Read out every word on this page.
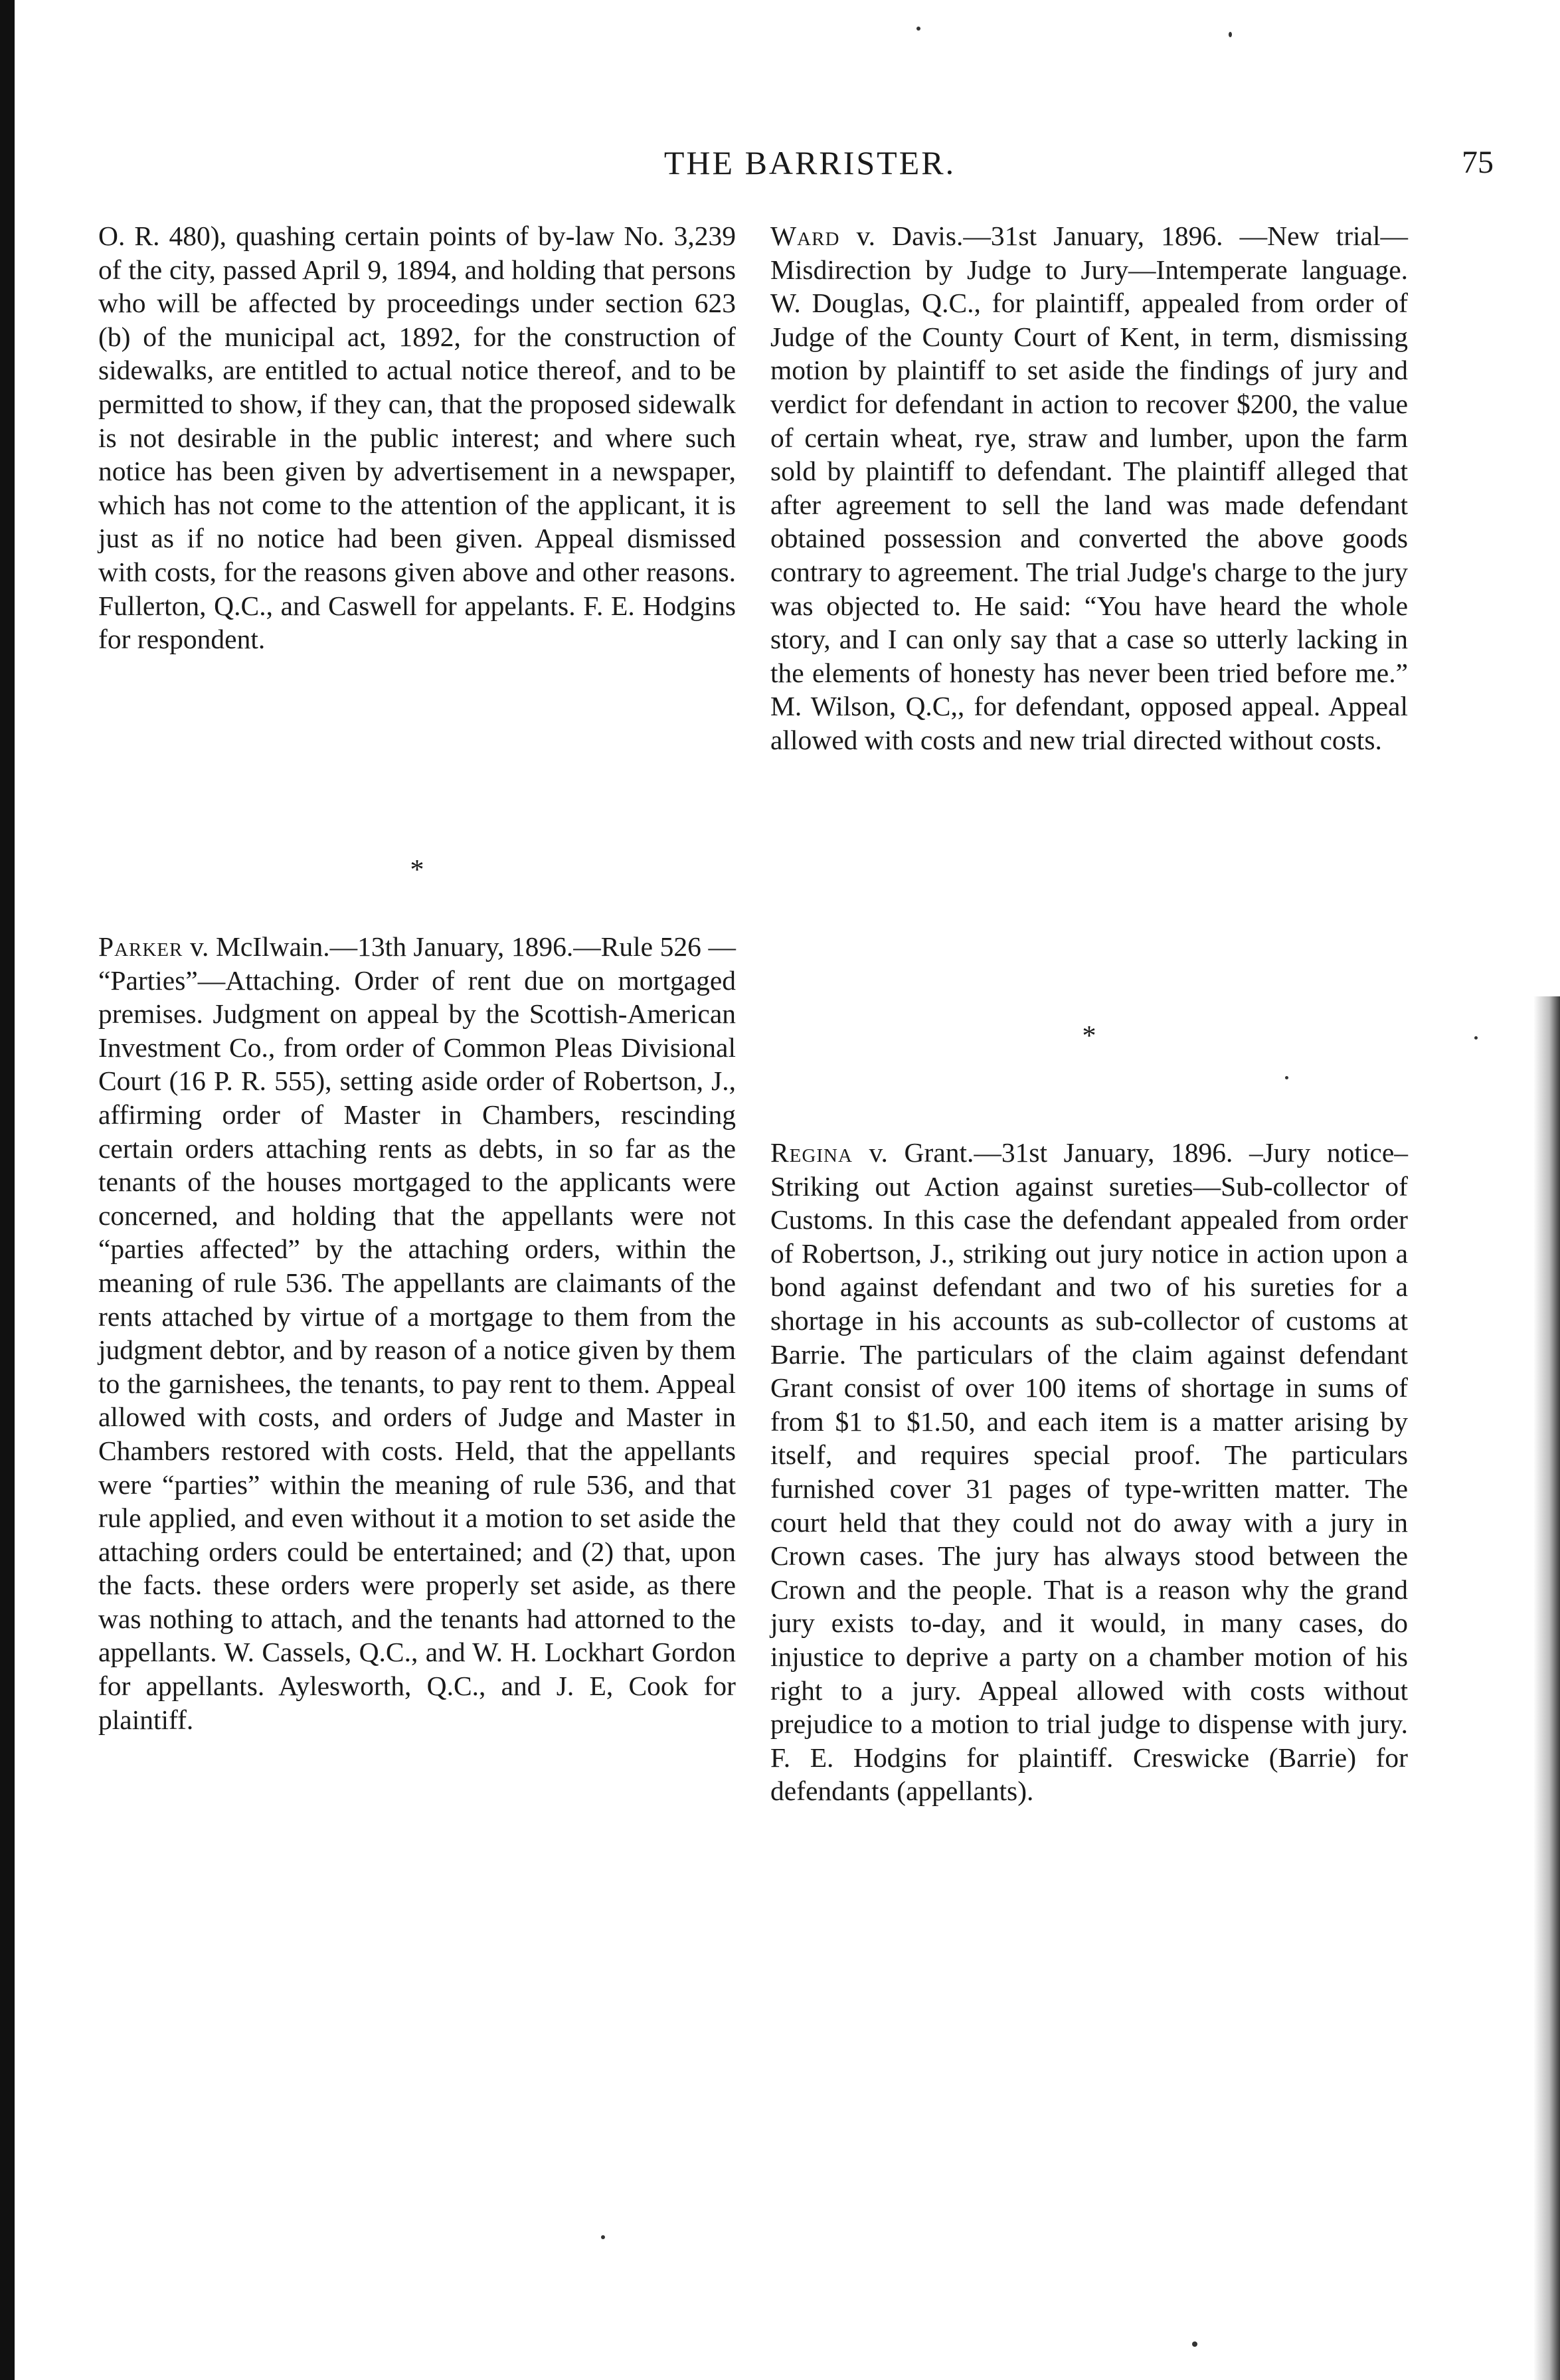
THE BARRISTER.	75

O. R. 480), quashing certain points of by-law No. 3,239 of the city, passed April 9, 1894, and holding that persons who will be affected by proceedings under section 623 (b) of the municipal act, 1892, for the construction of sidewalks, are entitled to actual notice thereof, and to be permitted to show, if they can, that the proposed sidewalk is not desirable in the public interest; and where such notice has been given by advertisement in a newspaper, which has not come to the attention of the applicant, it is just as if no notice had been given. Appeal dismissed with costs, for the reasons given above and other reasons. Fullerton, Q.C., and Caswell for appelants. F. E. Hodgins for respondent.

*

Parker v. McIlwain.—13th January, 1896.—Rule 526 — “Parties”—Attaching. Order of rent due on mortgaged premises. Judgment on appeal by the Scottish-American Investment Co., from order of Common Pleas Divisional Court (16 P. R. 555), setting aside order of Robertson, J., affirming order of Master in Chambers, rescinding certain orders attaching rents as debts, in so far as the tenants of the houses mortgaged to the applicants were concerned, and holding that the appellants were not “parties affected” by the attaching orders, within the meaning of rule 536. The appellants are claimants of the rents attached by virtue of a mortgage to them from the judgment debtor, and by reason of a notice given by them to the garnishees, the tenants, to pay rent to them. Appeal allowed with costs, and orders of Judge and Master in Chambers restored with costs. Held, that the appellants were “parties” within the meaning of rule 536, and that rule applied, and even without it a motion to set aside the attaching orders could be entertained; and (2) that, upon the facts. these orders were properly set aside, as there was nothing to attach, and the tenants had attorned to the appellants. W. Cassels, Q.C., and W. H. Lockhart Gordon for appellants. Aylesworth, Q.C., and J. E, Cook for plaintiff.

Ward v. Davis.—31st January, 1896. —New trial—Misdirection by Judge to Jury—Intemperate language. W. Douglas, Q.C., for plaintiff, appealed from order of Judge of the County Court of Kent, in term, dismissing motion by plaintiff to set aside the findings of jury and verdict for defendant in action to recover $200, the value of certain wheat, rye, straw and lumber, upon the farm sold by plaintiff to defendant. The plaintiff alleged that after agreement to sell the land was made defendant obtained possession and converted the above goods contrary to agreement. The trial Judge's charge to the jury was objected to. He said: “You have heard the whole story, and I can only say that a case so utterly lacking in the elements of honesty has never been tried before me.” M. Wilson, Q.C,, for defendant, opposed appeal. Appeal allowed with costs and new trial directed without costs.

*

Regina v. Grant.—31st January, 1896. –Jury notice–Striking out Action against sureties—Sub-collector of Customs. In this case the defendant appealed from order of Robertson, J., striking out jury notice in action upon a bond against defendant and two of his sureties for a shortage in his accounts as sub-collector of customs at Barrie. The particulars of the claim against defendant Grant consist of over 100 items of shortage in sums of from $1 to $1.50, and each item is a matter arising by itself, and requires special proof. The particulars furnished cover 31 pages of type-written matter. The court held that they could not do away with a jury in Crown cases. The jury has always stood between the Crown and the people. That is a reason why the grand jury exists to-day, and it would, in many cases, do injustice to deprive a party on a chamber motion of his right to a jury. Appeal allowed with costs without prejudice to a motion to trial judge to dispense with jury. F. E. Hodgins for plaintiff. Creswicke (Barrie) for defendants (appellants).
